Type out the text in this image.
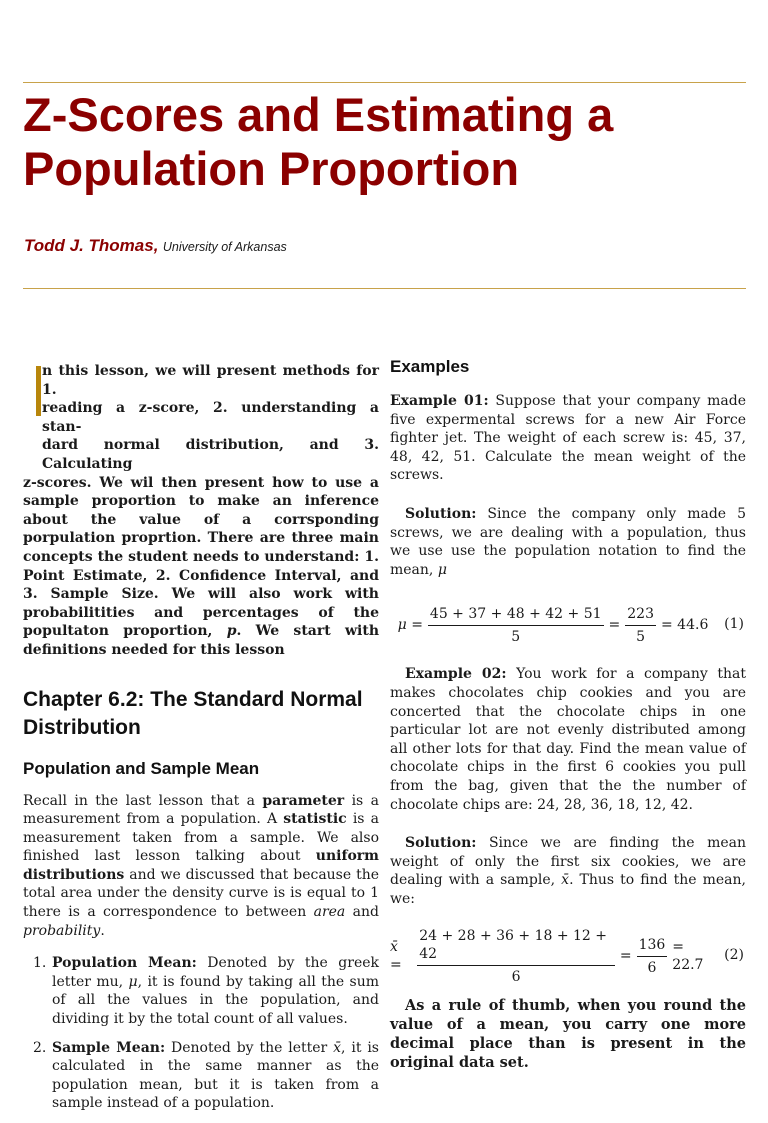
Z-Scores and Estimating a
Population Proportion
Todd J. Thomas, University of Arkansas
n this lesson, we will present methods for 1.
reading a z-score, 2. understanding a stan-
dard normal distribution, and 3. Calculating
z-scores. We wil then present how to use a sample proportion to make an inference about the value of a corrsponding porpulation proprtion. There are three main concepts the student needs to understand: 1. Point Estimate, 2. Confidence Interval, and 3. Sample Size. We will also work with probabilitities and percentages of the popultaton proportion, p. We start with definitions needed for this lesson
Chapter 6.2: The Standard Normal Distribution
Population and Sample Mean

Recall in the last lesson that a parameter is a measurement from a population. A statistic is a measurement taken from a sample. We also finished last lesson talking about uniform distributions and we discussed that because the total area under the density curve is is equal to 1 there is a correspondence to between area and probability.

1. Population Mean: Denoted by the greek letter mu, μ, it is found by taking all the sum of all the values in the population, and dividing it by the total count of all values.
2. Sample Mean: Denoted by the letter x̄, it is calculated in the same manner as the population mean, but it is taken from a sample instead of a population.
Examples

Example 01: Suppose that your company made five expermental screws for a new Air Force fighter jet. The weight of each screw is: 45, 37, 48, 42, 51. Calculate the mean weight of the screws.

Solution: Since the company only made 5 screws, we are dealing with a population, thus we use use the population notation to find the mean, μ

$\mu = \frac{45 + 37 + 48 + 42 + 51}{5} = \frac{223}{5} = 44.6$ (1)

Example 02: You work for a company that makes chocolates chip cookies and you are concerted that the chocolate chips in one particular lot are not evenly distributed among all other lots for that day. Find the mean value of chocolate chips in the first 6 cookies you pull from the bag, given that the the number of chocolate chips are: 24, 28, 36, 18, 12, 42.

Solution: Since we are finding the mean weight of only the first six cookies, we are dealing with a sample, x̄. Thus to find the mean, we:

x̄ =	$\frac{24 + 28 + 36 + 18 + 12 + 42}{6} = \frac{136}{6} = 22.7$
(2)

As a rule of thumb, when you round the value of a mean, you carry one more decimal place than is present in the original data set.
